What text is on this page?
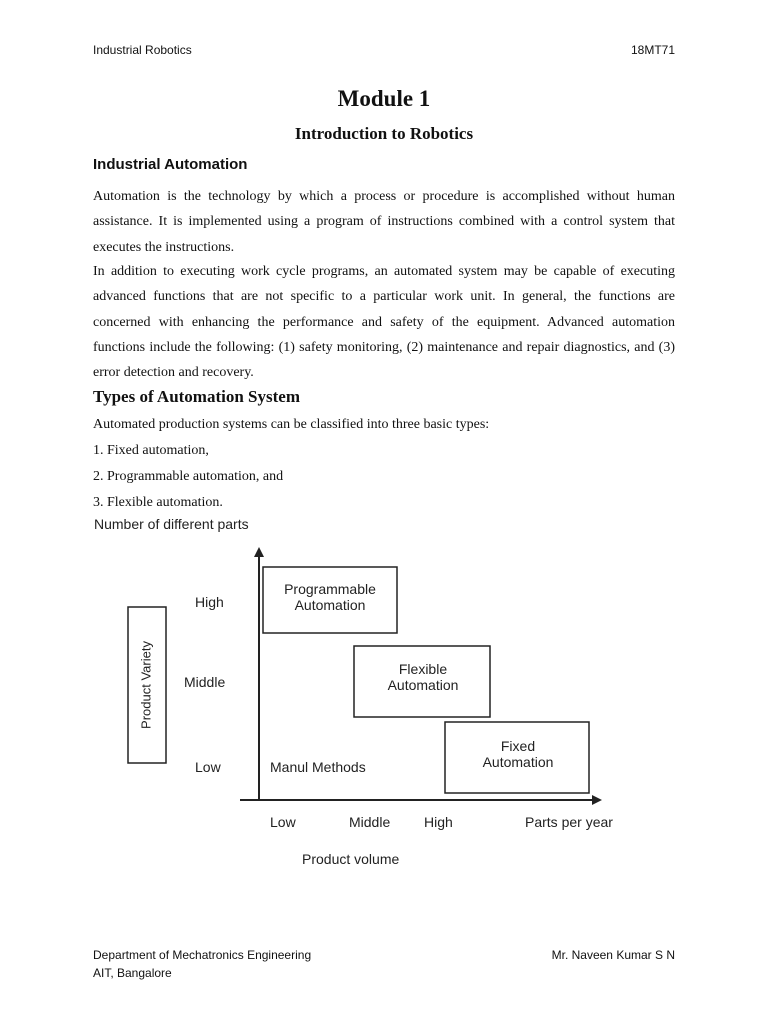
Industrial Robotics	18MT71
Module 1
Introduction to Robotics
Industrial Automation

Automation is the technology by which a process or procedure is accomplished without human assistance. It is implemented using a program of instructions combined with a control system that executes the instructions.

In addition to executing work cycle programs, an automated system may be capable of executing advanced functions that are not specific to a particular work unit. In general, the functions are concerned with enhancing the performance and safety of the equipment. Advanced automation functions include the following: (1) safety monitoring, (2) maintenance and repair diagnostics, and (3) error detection and recovery.

Types of Automation System
Automated production systems can be classified into three basic types:
1. Fixed automation,
2. Programmable automation, and
3. Flexible automation.
Number of different parts
Product Variety
High
Middle
Low
Programmable
Automation
Flexible
Automation
Fixed
Automation
Manul Methods
Low	Middle High	Parts per year
Product volume
Department of Mechatronics Engineering
AIT, Bangalore
Mr. Naveen Kumar S N
